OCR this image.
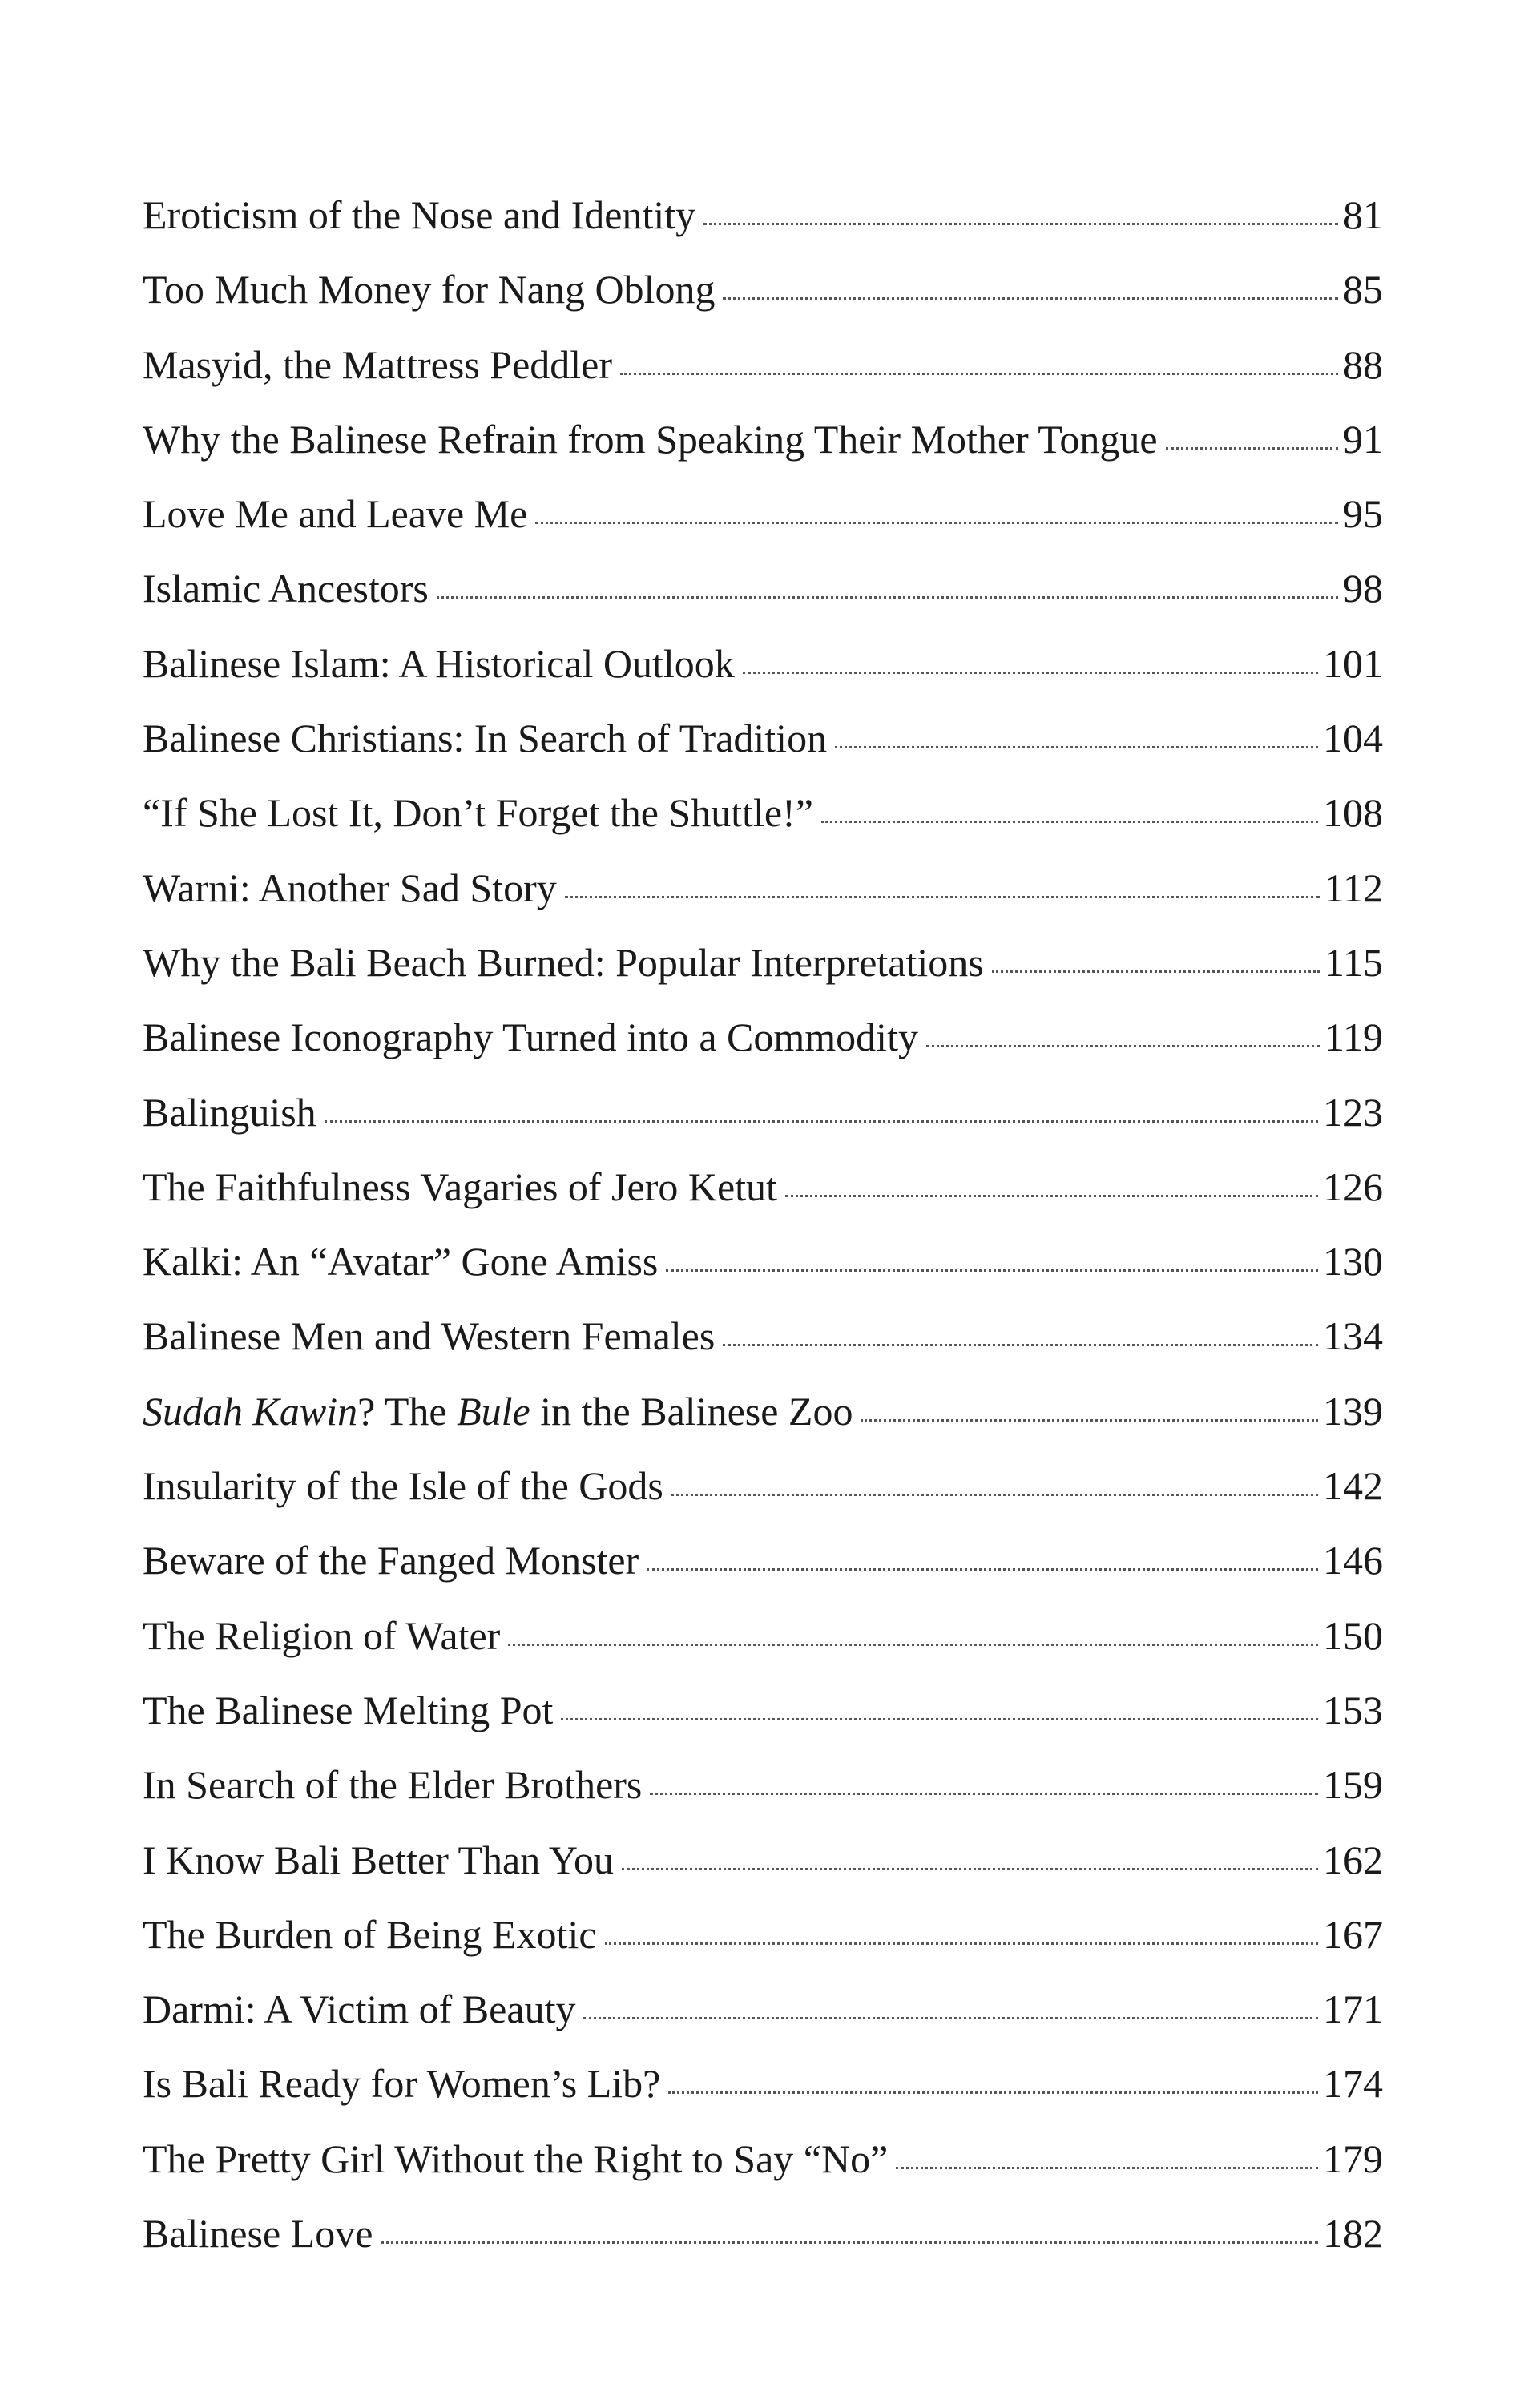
Eroticism of the Nose and Identity	81
Too Much Money for Nang Oblong	85
Masyid, the Mattress Peddler	88
Why the Balinese Refrain from Speaking Their Mother Tongue	91
Love Me and Leave Me	95
Islamic Ancestors	98
Balinese Islam: A Historical Outlook	101
Balinese Christians: In Search of Tradition	104
“If She Lost It, Don’t Forget the Shuttle!”	108
Warni: Another Sad Story	112
Why the Bali Beach Burned: Popular Interpretations	115
Balinese Iconography Turned into a Commodity	119
Balinguish	123
The Faithfulness Vagaries of Jero Ketut	126
Kalki: An “Avatar” Gone Amiss	130
Balinese Men and Western Females	134
Sudah Kawin? The Bule in the Balinese Zoo	139
Insularity of the Isle of the Gods	142
Beware of the Fanged Monster	146
The Religion of Water	150
The Balinese Melting Pot	153
In Search of the Elder Brothers	159
I Know Bali Better Than You	162
The Burden of Being Exotic	167
Darmi: A Victim of Beauty	171
Is Bali Ready for Women’s Lib?	174
The Pretty Girl Without the Right to Say “No”	179
Balinese Love	182
